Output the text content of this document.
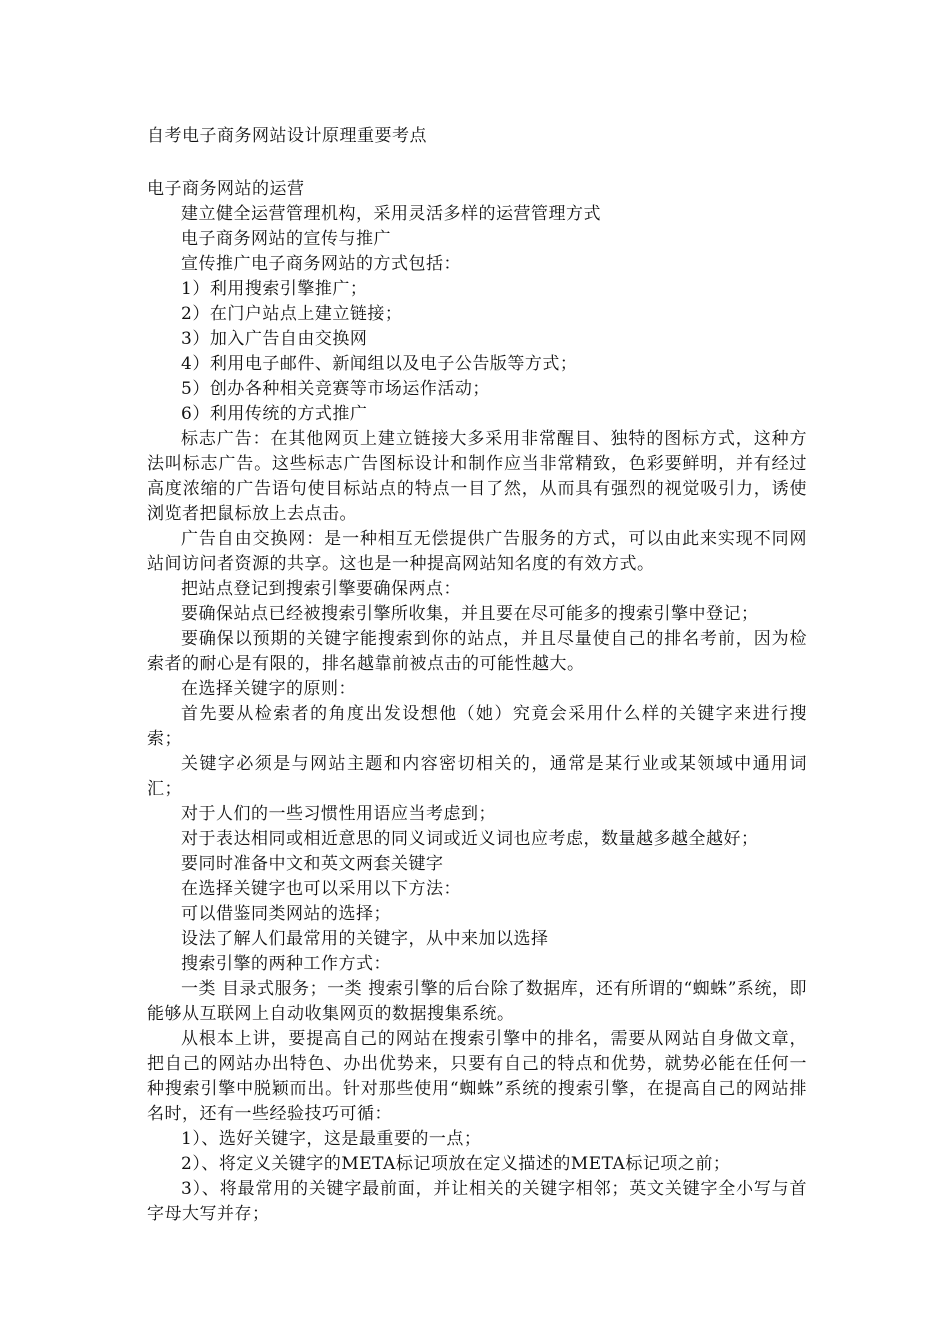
自考电子商务网站设计原理重要考点

电子商务网站的运营

建立健全运营管理机构，采用灵活多样的运营管理方式

电子商务网站的宣传与推广

宣传推广电子商务网站的方式包括：

1）利用搜索引擎推广；

2）在门户站点上建立链接；

3）加入广告自由交换网

4）利用电子邮件、新闻组以及电子公告版等方式；

5）创办各种相关竞赛等市场运作活动；

6）利用传统的方式推广

标志广告：在其他网页上建立链接大多采用非常醒目、独特的图标方式，这种方法叫标志广告。这些标志广告图标设计和制作应当非常精致，色彩要鲜明，并有经过高度浓缩的广告语句使目标站点的特点一目了然，从而具有强烈的视觉吸引力，诱使浏览者把鼠标放上去点击。

广告自由交换网：是一种相互无偿提供广告服务的方式，可以由此来实现不同网站间访问者资源的共享。这也是一种提高网站知名度的有效方式。

把站点登记到搜索引擎要确保两点：

要确保站点已经被搜索引擎所收集，并且要在尽可能多的搜索引擎中登记；

要确保以预期的关键字能搜索到你的站点，并且尽量使自己的排名考前，因为检索者的耐心是有限的，排名越靠前被点击的可能性越大。

在选择关键字的原则：

首先要从检索者的角度出发设想他（她）究竟会采用什么样的关键字来进行搜索；

关键字必须是与网站主题和内容密切相关的，通常是某行业或某领域中通用词汇；

对于人们的一些习惯性用语应当考虑到；

对于表达相同或相近意思的同义词或近义词也应考虑，数量越多越全越好；

要同时准备中文和英文两套关键字

在选择关键字也可以采用以下方法：

可以借鉴同类网站的选择；

设法了解人们最常用的关键字，从中来加以选择

搜索引擎的两种工作方式：

一类 目录式服务；一类 搜索引擎的后台除了数据库，还有所谓的“蜘蛛”系统，即能够从互联网上自动收集网页的数据搜集系统。

从根本上讲，要提高自己的网站在搜索引擎中的排名，需要从网站自身做文章，把自己的网站办出特色、办出优势来，只要有自己的特点和优势，就势必能在任何一种搜索引擎中脱颖而出。针对那些使用“蜘蛛”系统的搜索引擎，在提高自己的网站排名时，还有一些经验技巧可循：

1）、选好关键字，这是最重要的一点；

2）、将定义关键字的META标记项放在定义描述的META标记项之前；

3）、将最常用的关键字最前面，并让相关的关键字相邻；英文关键字全小写与首字母大写并存；
